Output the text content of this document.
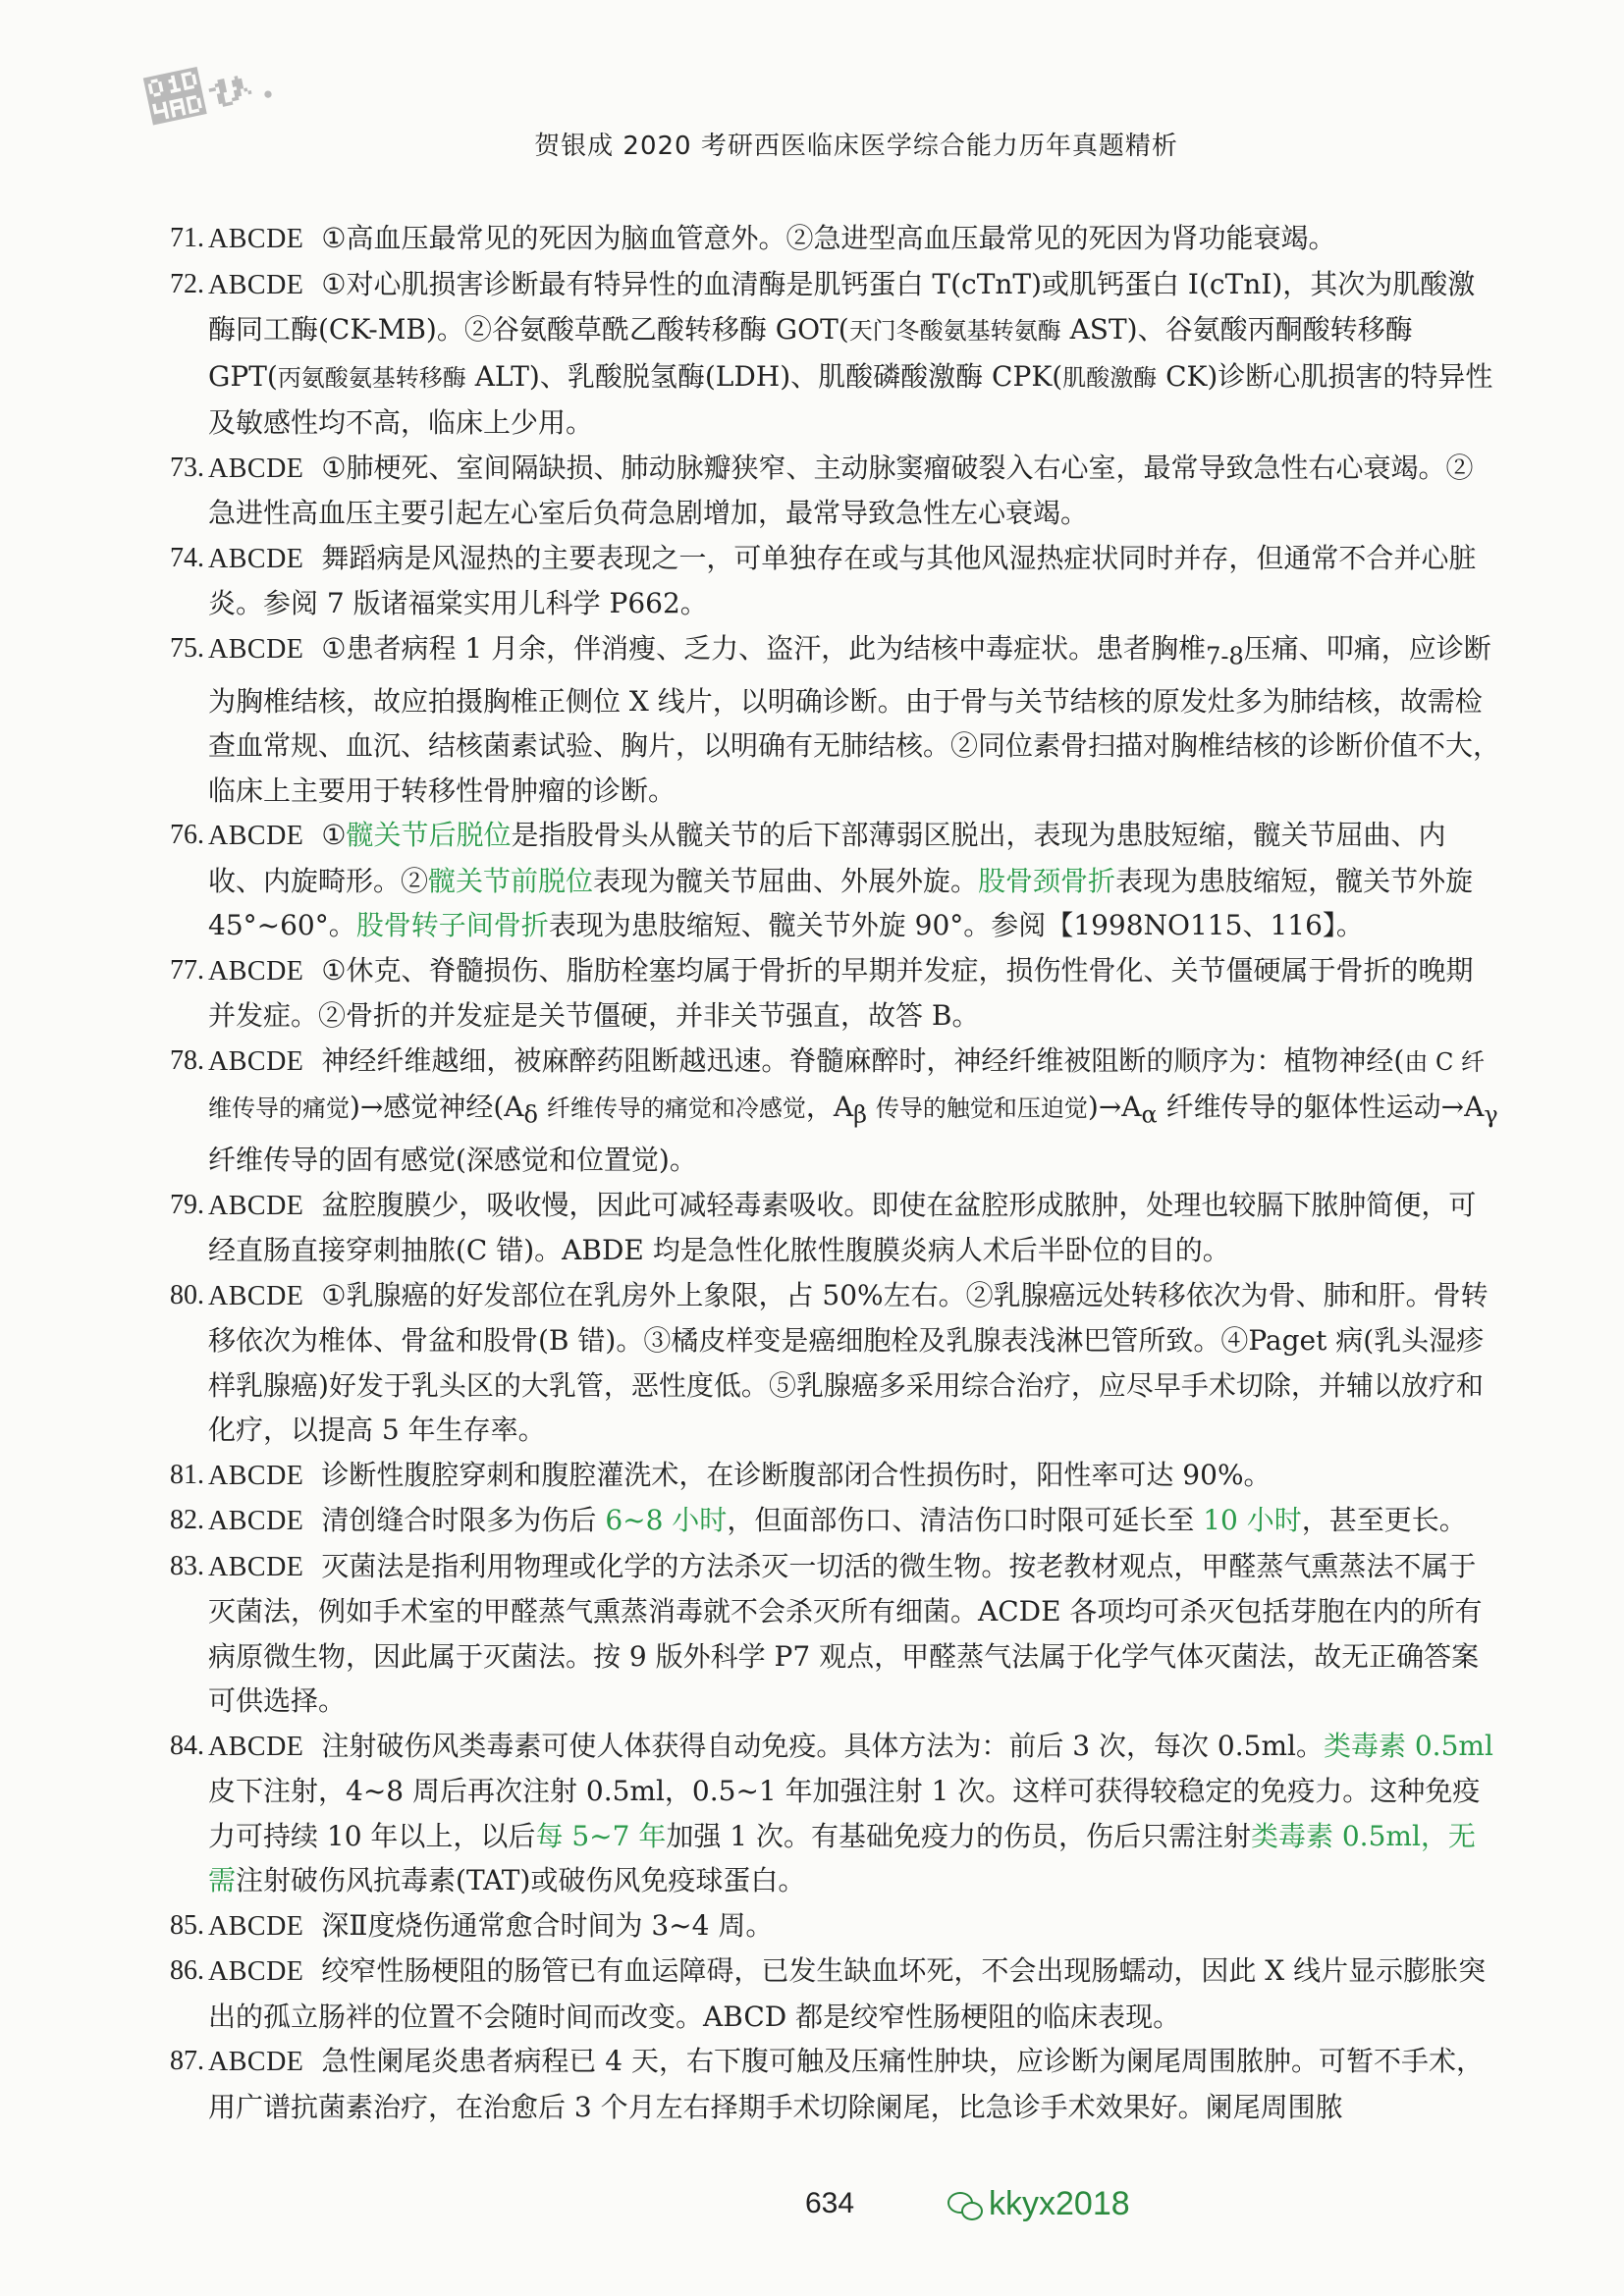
𝒭𝓋.
贺银成 2020 考研西医临床医学综合能力历年真题精析

71. ABCDE ①高血压最常见的死因为脑血管意外。②急进型高血压最常见的死因为肾功能衰竭。

72. ABCDE ①对心肌损害诊断最有特异性的血清酶是肌钙蛋白 T(cTnT)或肌钙蛋白 I(cTnI)，其次为肌酸激酶同工酶(CK-MB)。②谷氨酸草酰乙酸转移酶 GOT(天门冬酸氨基转氨酶 AST)、谷氨酸丙酮酸转移酶 GPT(丙氨酸氨基转移酶 ALT)、乳酸脱氢酶(LDH)、肌酸磷酸激酶 CPK(肌酸激酶 CK)诊断心肌损害的特异性及敏感性均不高，临床上少用。

73. ABCDE ①肺梗死、室间隔缺损、肺动脉瓣狭窄、主动脉窦瘤破裂入右心室，最常导致急性右心衰竭。②急进性高血压主要引起左心室后负荷急剧增加，最常导致急性左心衰竭。

74. ABCDE 舞蹈病是风湿热的主要表现之一，可单独存在或与其他风湿热症状同时并存，但通常不合并心脏炎。参阅 7 版诸福棠实用儿科学 P662。

75. ABCDE ①患者病程 1 月余，伴消瘦、乏力、盗汗，此为结核中毒症状。患者胸椎$_{7-8}$压痛、叩痛，应诊断为胸椎结核，故应拍摄胸椎正侧位 X 线片，以明确诊断。由于骨与关节结核的原发灶多为肺结核，故需检查血常规、血沉、结核菌素试验、胸片，以明确有无肺结核。②同位素骨扫描对胸椎结核的诊断价值不大，临床上主要用于转移性骨肿瘤的诊断。

76. ABCDE ①髋关节后脱位是指股骨头从髋关节的后下部薄弱区脱出，表现为患肢短缩，髋关节屈曲、内收、内旋畸形。②髋关节前脱位表现为髋关节屈曲、外展外旋。股骨颈骨折表现为患肢缩短，髋关节外旋 45°~60°。股骨转子间骨折表现为患肢缩短、髋关节外旋 90°。参阅【1998NO115、116】。

77. ABCDE ①休克、脊髓损伤、脂肪栓塞均属于骨折的早期并发症，损伤性骨化、关节僵硬属于骨折的晚期并发症。②骨折的并发症是关节僵硬，并非关节强直，故答 B。

78. ABCDE 神经纤维越细，被麻醉药阻断越迅速。脊髓麻醉时，神经纤维被阻断的顺序为：植物神经(由 C 纤维传导的痛觉)→感觉神经($A_\delta$ 纤维传导的痛觉和冷感觉，$A_\beta$ 传导的触觉和压迫觉)$\to A_\alpha$ 纤维传导的躯体性运动$\to A_\gamma$ 纤维传导的固有感觉(深感觉和位置觉)。

79. ABCDE 盆腔腹膜少，吸收慢，因此可减轻毒素吸收。即使在盆腔形成脓肿，处理也较膈下脓肿简便，可经直肠直接穿刺抽脓(C 错)。ABDE 均是急性化脓性腹膜炎病人术后半卧位的目的。

80. ABCDE ①乳腺癌的好发部位在乳房外上象限，占 50%左右。②乳腺癌远处转移依次为骨、肺和肝。骨转移依次为椎体、骨盆和股骨(B 错)。③橘皮样变是癌细胞栓及乳腺表浅淋巴管所致。④Paget 病(乳头湿疹样乳腺癌)好发于乳头区的大乳管，恶性度低。⑤乳腺癌多采用综合治疗，应尽早手术切除，并辅以放疗和化疗，以提高 5 年生存率。

81. ABCDE 诊断性腹腔穿刺和腹腔灌洗术，在诊断腹部闭合性损伤时，阳性率可达 90%。

82. ABCDE 清创缝合时限多为伤后 6~8 小时，但面部伤口、清洁伤口时限可延长至 10 小时，甚至更长。

83. ABCDE 灭菌法是指利用物理或化学的方法杀灭一切活的微生物。按老教材观点，甲醛蒸气熏蒸法不属于灭菌法，例如手术室的甲醛蒸气熏蒸消毒就不会杀灭所有细菌。ACDE 各项均可杀灭包括芽胞在内的所有病原微生物，因此属于灭菌法。按 9 版外科学 P7 观点，甲醛蒸气法属于化学气体灭菌法，故无正确答案可供选择。

84. ABCDE 注射破伤风类毒素可使人体获得自动免疫。具体方法为：前后 3 次，每次 0.5ml。类毒素 0.5ml 皮下注射，4~8 周后再次注射 0.5ml，0.5~1 年加强注射 1 次。这样可获得较稳定的免疫力。这种免疫力可持续 10 年以上，以后每 5~7 年加强 1 次。有基础免疫力的伤员，伤后只需注射类毒素 0.5ml，无需注射破伤风抗毒素(TAT)或破伤风免疫球蛋白。

85. ABCDE 深Ⅱ度烧伤通常愈合时间为 3~4 周。

86. ABCDE 绞窄性肠梗阻的肠管已有血运障碍，已发生缺血坏死，不会出现肠蠕动，因此 X 线片显示膨胀突出的孤立肠袢的位置不会随时间而改变。ABCD 都是绞窄性肠梗阻的临床表现。

87. ABCDE 急性阑尾炎患者病程已 4 天，右下腹可触及压痛性肿块，应诊断为阑尾周围脓肿。可暂不手术，用广谱抗菌素治疗，在治愈后 3 个月左右择期手术切除阑尾，比急诊手术效果好。阑尾周围脓

634	kkyx2018
